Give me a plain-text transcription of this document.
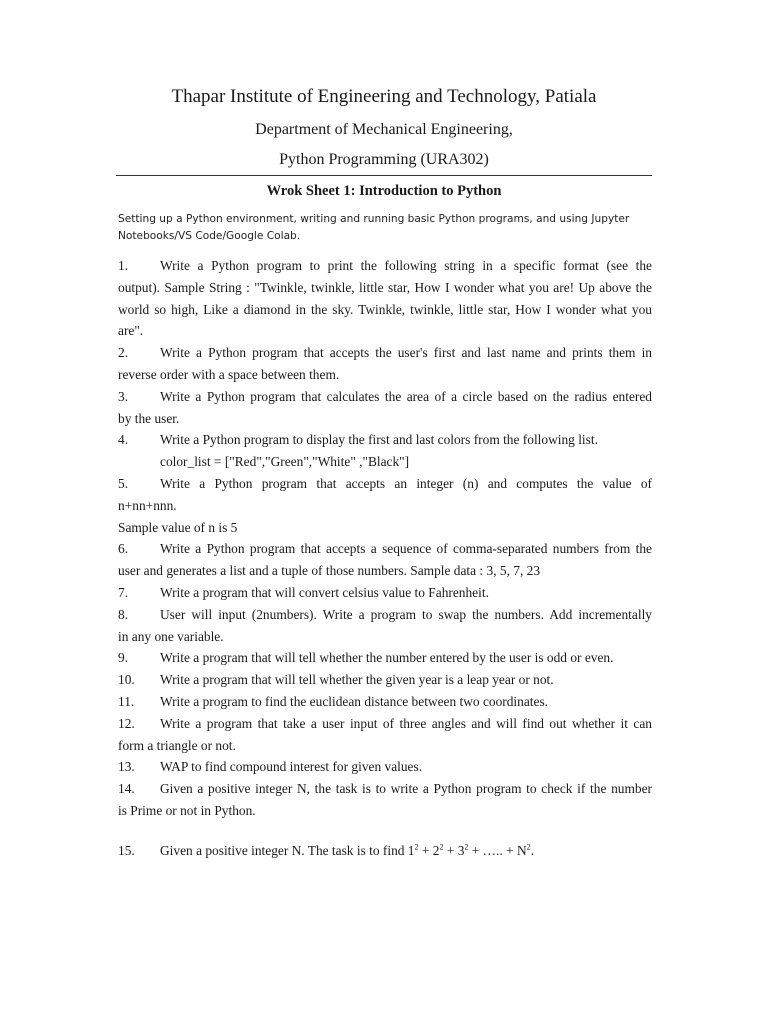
Thapar Institute of Engineering and Technology, Patiala
Department of Mechanical Engineering,
Python Programming (URA302)
Wrok Sheet 1: Introduction to Python
Setting up a Python environment, writing and running basic Python programs, and using Jupyter Notebooks/VS Code/Google Colab.
1. Write a Python program to print the following string in a specific format (see the
output). Sample String : "Twinkle, twinkle, little star, How I wonder what you are! Up above the world so high, Like a diamond in the sky. Twinkle, twinkle, little star, How I wonder what you are".
2. Write a Python program that accepts the user's first and last name and prints them in
reverse order with a space between them.
3. Write a Python program that calculates the area of a circle based on the radius entered
by the user.
4. Write a Python program to display the first and last colors from the following list.
color_list = ["Red","Green","White" ,"Black"]
5. Write a Python program that accepts an integer (n) and computes the value of
n+nn+nnn.
Sample value of n is 5
6. Write a Python program that accepts a sequence of comma-separated numbers from the
user and generates a list and a tuple of those numbers. Sample data : 3, 5, 7, 23
7. Write a program that will convert celsius value to Fahrenheit.
8. User will input (2numbers). Write a program to swap the numbers. Add incrementally
in any one variable.
9. Write a program that will tell whether the number entered by the user is odd or even.
10. Write a program that will tell whether the given year is a leap year or not.
11. Write a program to find the euclidean distance between two coordinates.
12. Write a program that take a user input of three angles and will find out whether it can
form a triangle or not.
13. WAP to find compound interest for given values.
14. Given a positive integer N, the task is to write a Python program to check if the number
is Prime or not in Python.
15. Given a positive integer N. The task is to find $1^2 + 2^2 + 3^2$ + ….. + $N^2$.
